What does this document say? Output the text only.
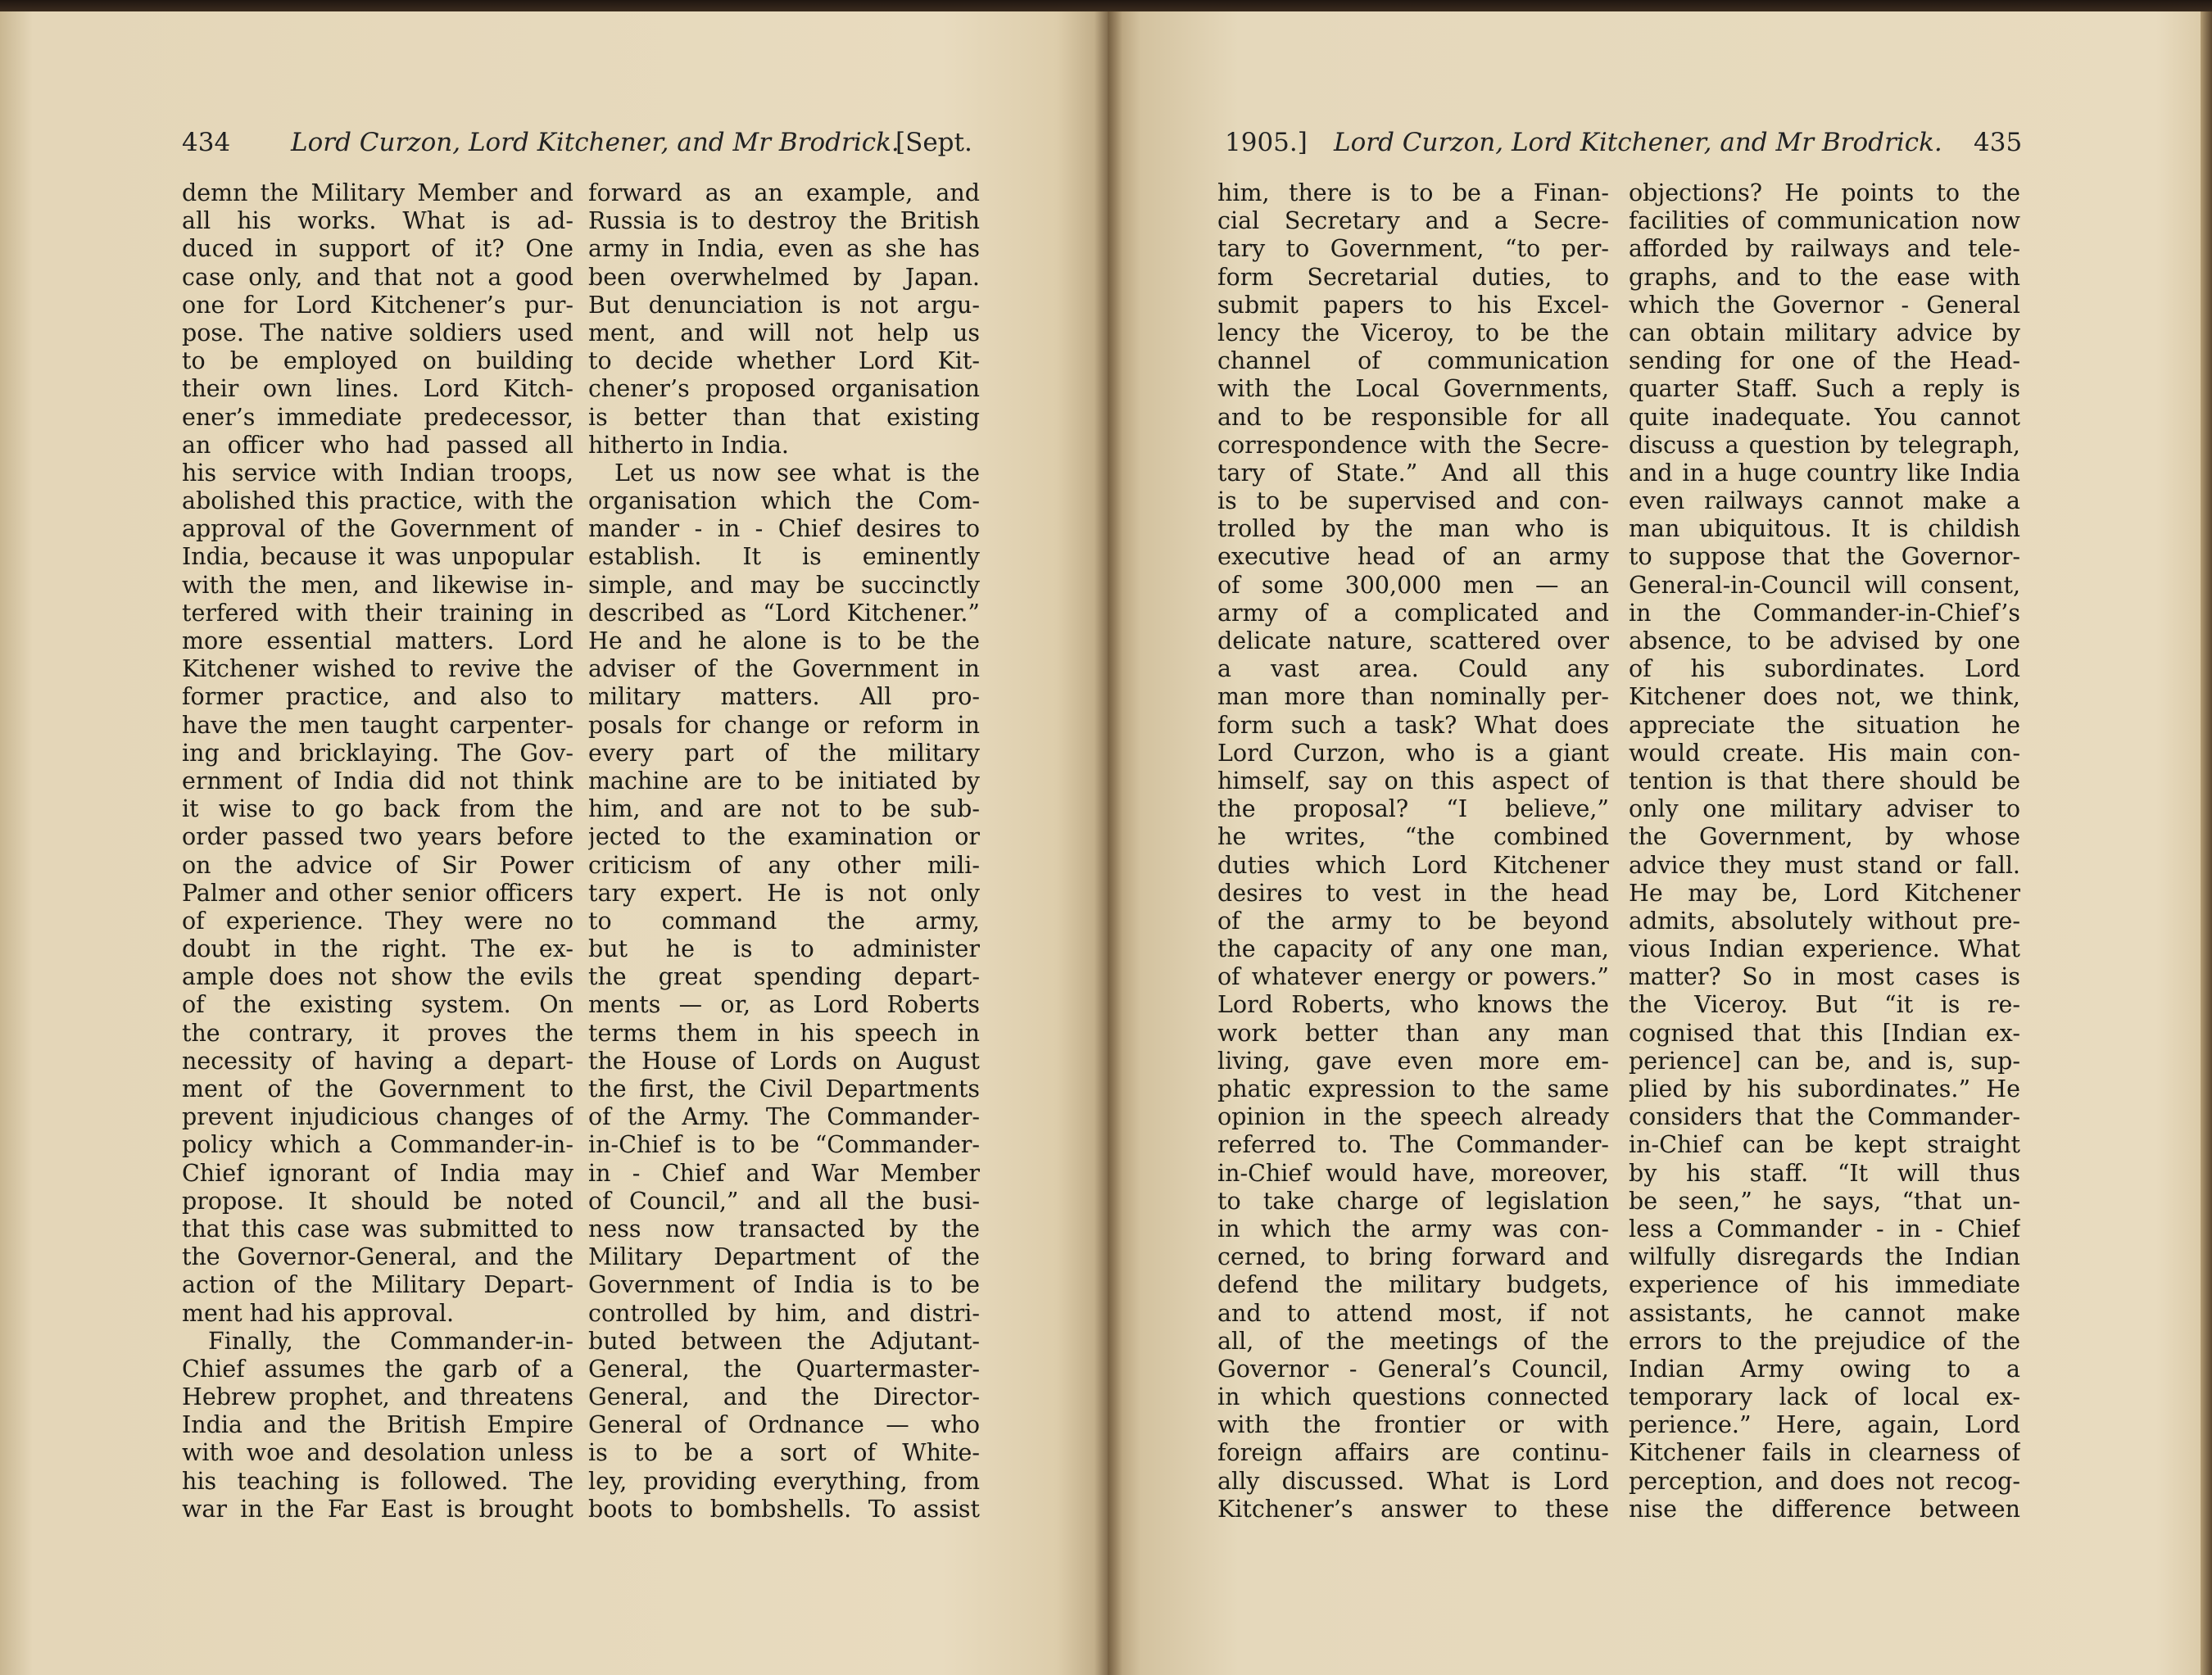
434 Lord Curzon, Lord Kitchener, and Mr Brodrick.
[Sept.
demn the Military Member and
all his works. What is ad-
duced in support of it? One
case only, and that not a good
one for Lord Kitchener’s pur-
pose. The native soldiers used
to be employed on building
their own lines. Lord Kitch-
ener’s immediate predecessor,
an officer who had passed all
his service with Indian troops,
abolished this practice, with the
approval of the Government of
India, because it was unpopular
with the men, and likewise in-
terfered with their training in
more essential matters. Lord
Kitchener wished to revive the
former practice, and also to
have the men taught carpenter-
ing and bricklaying. The Gov-
ernment of India did not think
it wise to go back from the
order passed two years before
on the advice of Sir Power
Palmer and other senior officers
of experience. They were no
doubt in the right. The ex-
ample does not show the evils
of the existing system. On
the contrary, it proves the
necessity of having a depart-
ment of the Government to
prevent injudicious changes of
policy which a Commander-in-
Chief ignorant of India may
propose. It should be noted
that this case was submitted to
the Governor-General, and the
action of the Military Depart-
ment had his approval.
Finally, the Commander-in-
Chief assumes the garb of a
Hebrew prophet, and threatens
India and the British Empire
with woe and desolation unless
his teaching is followed. The
war in the Far East is brought
forward as an example, and
Russia is to destroy the British
army in India, even as she has
been overwhelmed by Japan.
But denunciation is not argu-
ment, and will not help us
to decide whether Lord Kit-
chener’s proposed organisation
is better than that existing
hitherto in India.
Let us now see what is the
organisation which the Com-
mander - in - Chief desires to
establish. It is eminently
simple, and may be succinctly
described as “Lord Kitchener.”
He and he alone is to be the
adviser of the Government in
military matters. All pro-
posals for change or reform in
every part of the military
machine are to be initiated by
him, and are not to be sub-
jected to the examination or
criticism of any other mili-
tary expert. He is not only
to command the army,
but he is to administer
the great spending depart-
ments — or, as Lord Roberts
terms them in his speech in
the House of Lords on August
the first, the Civil Departments
of the Army. The Commander-
in-Chief is to be “Commander-
in - Chief and War Member
of Council,” and all the busi-
ness now transacted by the
Military Department of the
Government of India is to be
controlled by him, and distri-
buted between the Adjutant-
General, the Quartermaster-
General, and the Director-
General of Ordnance — who
is to be a sort of White-
ley, providing everything, from
boots to bombshells. To assist
1905.] Lord Curzon, Lord Kitchener, and Mr Brodrick. 435
him, there is to be a Finan-
cial Secretary and a Secre-
tary to Government, “to per-
form Secretarial duties, to
submit papers to his Excel-
lency the Viceroy, to be the
channel of communication
with the Local Governments,
and to be responsible for all
correspondence with the Secre-
tary of State.” And all this
is to be supervised and con-
trolled by the man who is
executive head of an army
of some 300,000 men — an
army of a complicated and
delicate nature, scattered over
a vast area. Could any
man more than nominally per-
form such a task? What does
Lord Curzon, who is a giant
himself, say on this aspect of
the proposal? “I believe,”
he writes, “the combined
duties which Lord Kitchener
desires to vest in the head
of the army to be beyond
the capacity of any one man,
of whatever energy or powers.”
Lord Roberts, who knows the
work better than any man
living, gave even more em-
phatic expression to the same
opinion in the speech already
referred to. The Commander-
in-Chief would have, moreover,
to take charge of legislation
in which the army was con-
cerned, to bring forward and
defend the military budgets,
and to attend most, if not
all, of the meetings of the
Governor - General’s Council,
in which questions connected
with the frontier or with
foreign affairs are continu-
ally discussed. What is Lord
Kitchener’s answer to these
objections? He points to the
facilities of communication now
afforded by railways and tele-
graphs, and to the ease with
which the Governor - General
can obtain military advice by
sending for one of the Head-
quarter Staff. Such a reply is
quite inadequate. You cannot
discuss a question by telegraph,
and in a huge country like India
even railways cannot make a
man ubiquitous. It is childish
to suppose that the Governor-
General-in-Council will consent,
in the Commander-in-Chief’s
absence, to be advised by one
of his subordinates. Lord
Kitchener does not, we think,
appreciate the situation he
would create. His main con-
tention is that there should be
only one military adviser to
the Government, by whose
advice they must stand or fall.
He may be, Lord Kitchener
admits, absolutely without pre-
vious Indian experience. What
matter? So in most cases is
the Viceroy. But “it is re-
cognised that this [Indian ex-
perience] can be, and is, sup-
plied by his subordinates.” He
considers that the Commander-
in-Chief can be kept straight
by his staff. “It will thus
be seen,” he says, “that un-
less a Commander - in - Chief
wilfully disregards the Indian
experience of his immediate
assistants, he cannot make
errors to the prejudice of the
Indian Army owing to a
temporary lack of local ex-
perience.” Here, again, Lord
Kitchener fails in clearness of
perception, and does not recog-
nise the difference between
